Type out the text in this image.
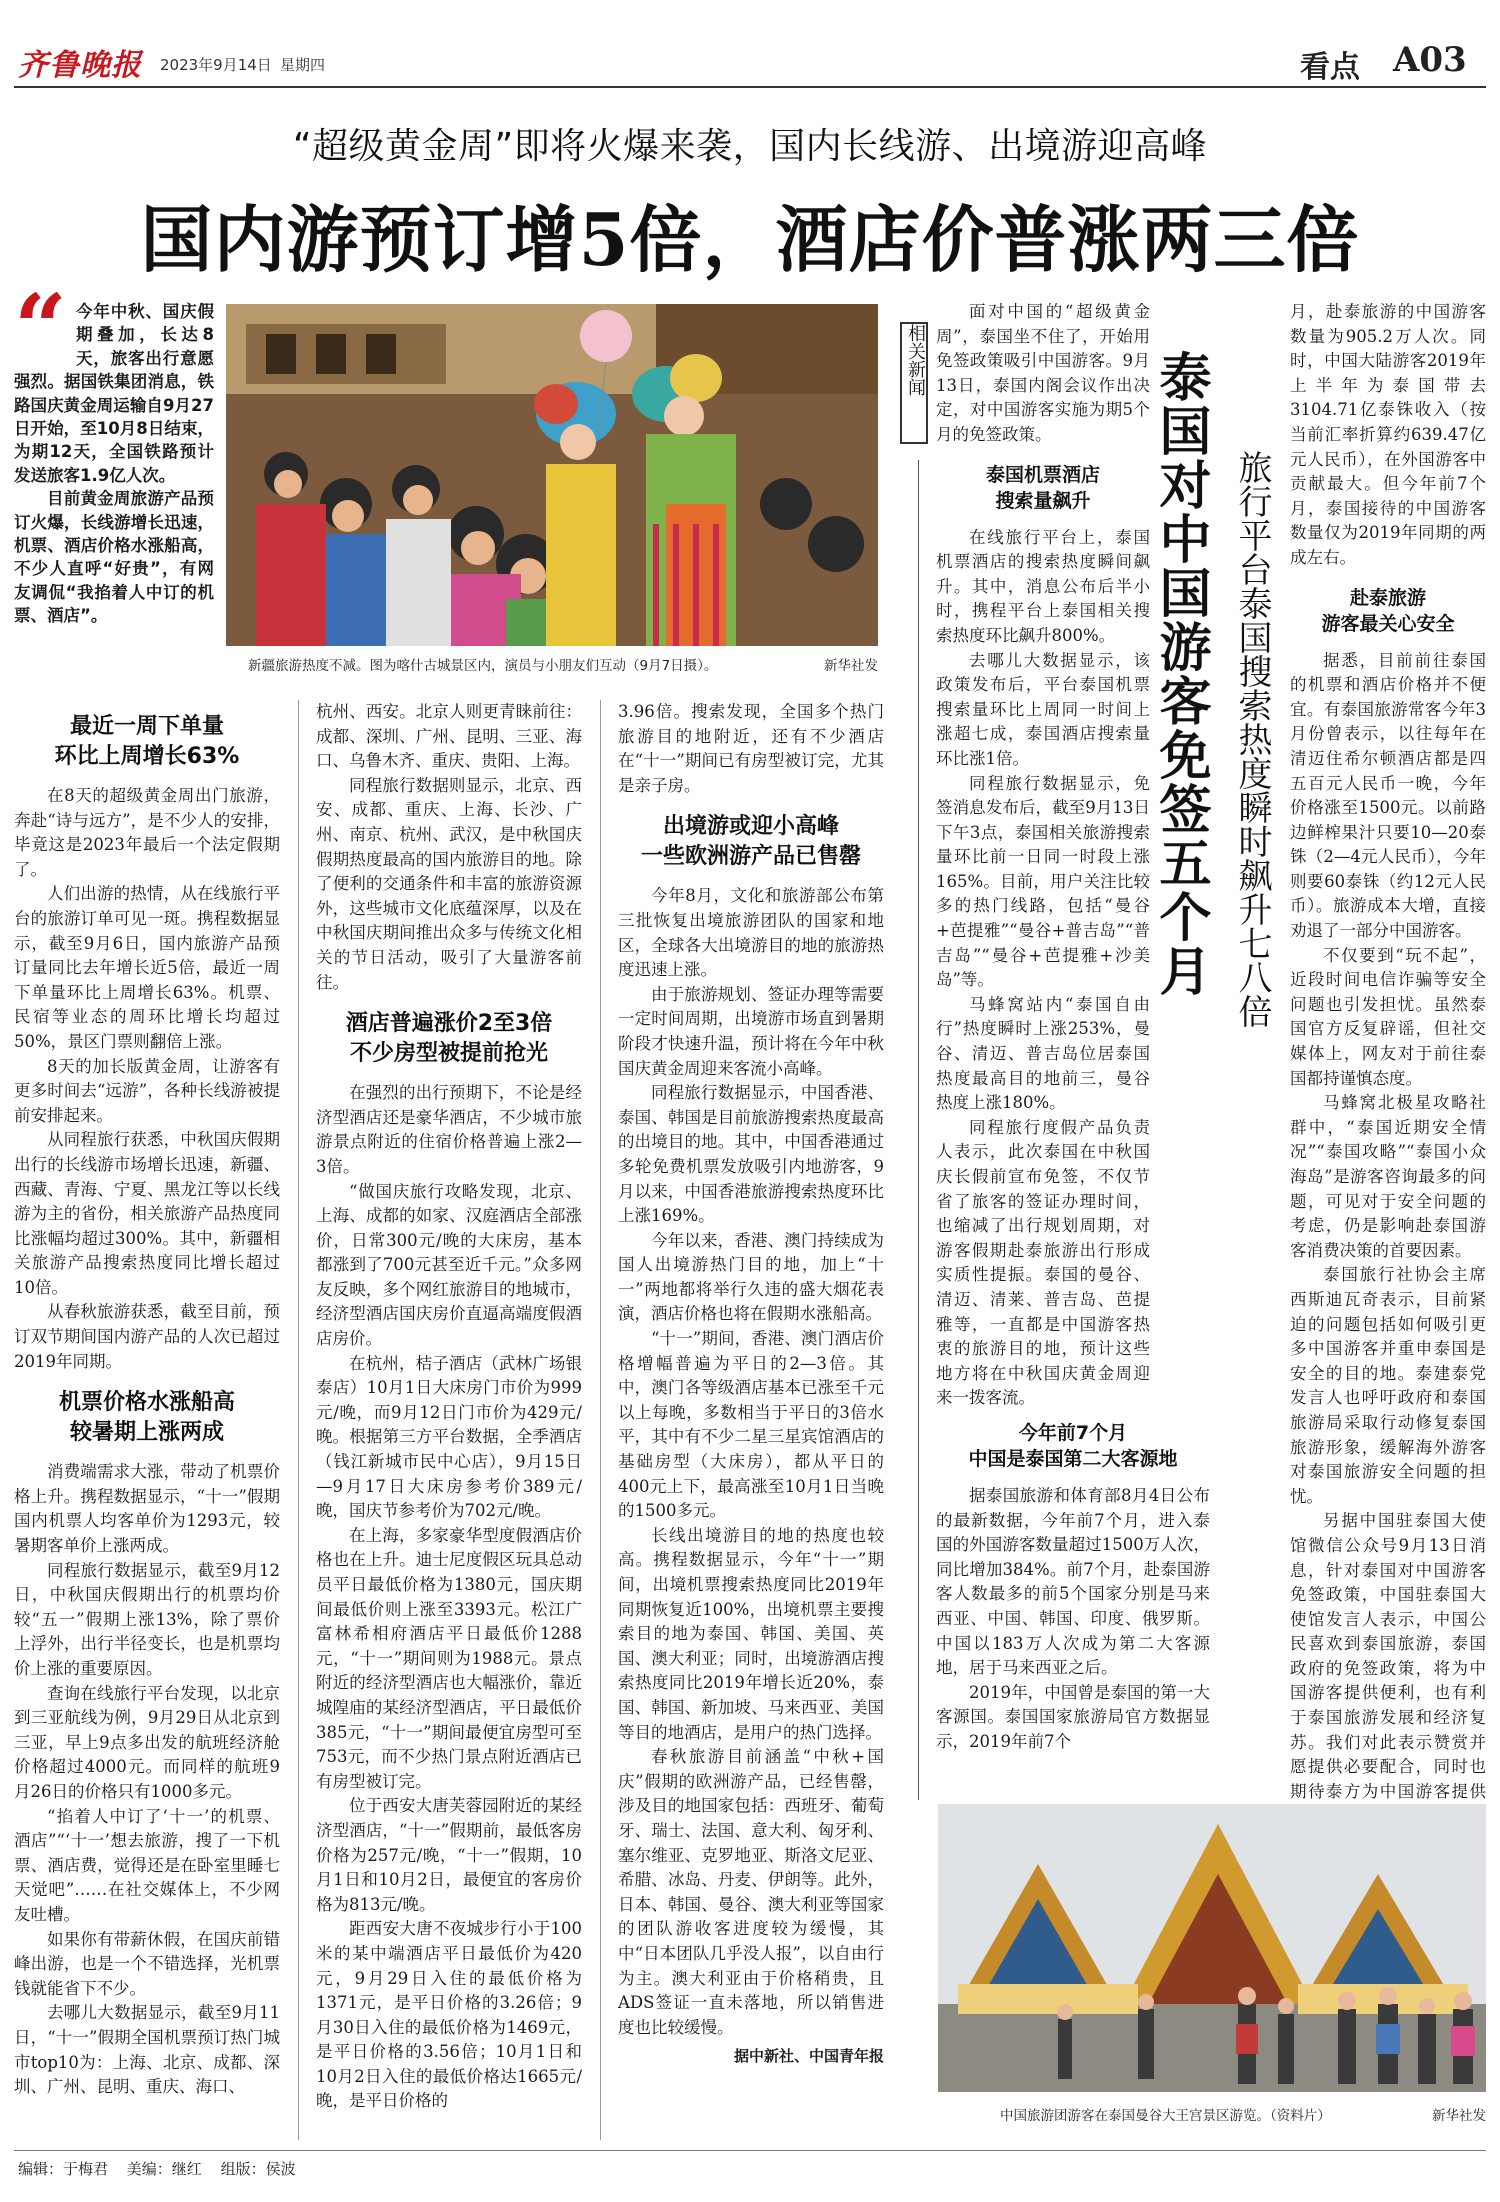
齐鲁晚报 2023年9月14日 星期四	看点 A03
“超级黄金周”即将火爆来袭，国内长线游、出境游迎高峰
国内游预订增5倍，酒店价普涨两三倍
“ 今年中秋、国庆假期叠加，长达8天，旅客出行意愿强烈。据国铁集团消息，铁路国庆黄金周运输自9月27日开始，至10月8日结束，为期12天，全国铁路预计发送旅客1.9亿人次。
目前黄金周旅游产品预订火爆，长线游增长迅速，机票、酒店价格水涨船高，不少人直呼“好贵”，有网友调侃“我掐着人中订的机票、酒店”。
新疆旅游热度不减。图为喀什古城景区内，演员与小朋友们互动（9月7日摄）。	新华社发
最近一周下单量
环比上周增长63%

在8天的超级黄金周出门旅游，奔赴“诗与远方”，是不少人的安排，毕竟这是2023年最后一个法定假期了。

人们出游的热情，从在线旅行平台的旅游订单可见一斑。携程数据显示，截至9月6日，国内旅游产品预订量同比去年增长近5倍，最近一周下单量环比上周增长63%。机票、民宿等业态的周环比增长均超过50%，景区门票则翻倍上涨。

8天的加长版黄金周，让游客有更多时间去“远游”，各种长线游被提前安排起来。

从同程旅行获悉，中秋国庆假期出行的长线游市场增长迅速，新疆、西藏、青海、宁夏、黑龙江等以长线游为主的省份，相关旅游产品热度同比涨幅均超过300%。其中，新疆相关旅游产品搜索热度同比增长超过10倍。

从春秋旅游获悉，截至目前，预订双节期间国内游产品的人次已超过2019年同期。

机票价格水涨船高
较暑期上涨两成

消费端需求大涨，带动了机票价格上升。携程数据显示，“十一”假期国内机票人均客单价为1293元，较暑期客单价上涨两成。

同程旅行数据显示，截至9月12日，中秋国庆假期出行的机票均价较“五一”假期上涨13%，除了票价上浮外，出行半径变长，也是机票均价上涨的重要原因。

查询在线旅行平台发现，以北京到三亚航线为例，9月29日从北京到三亚，早上9点多出发的航班经济舱价格超过4000元。而同样的航班9月26日的价格只有1000多元。

“掐着人中订了‘十一’的机票、酒店”“‘十一’想去旅游，搜了一下机票、酒店费，觉得还是在卧室里睡七天觉吧”……在社交媒体上，不少网友吐槽。

如果你有带薪休假，在国庆前错峰出游，也是一个不错选择，光机票钱就能省下不少。

去哪儿大数据显示，截至9月11日，“十一”假期全国机票预订热门城市top10为：上海、北京、成都、深圳、广州、昆明、重庆、海口、

杭州、西安。北京人则更青睐前往：成都、深圳、广州、昆明、三亚、海口、乌鲁木齐、重庆、贵阳、上海。

同程旅行数据则显示，北京、西安、成都、重庆、上海、长沙、广州、南京、杭州、武汉，是中秋国庆假期热度最高的国内旅游目的地。除了便利的交通条件和丰富的旅游资源外，这些城市文化底蕴深厚，以及在中秋国庆期间推出众多与传统文化相关的节日活动，吸引了大量游客前往。

酒店普遍涨价2至3倍
不少房型被提前抢光

在强烈的出行预期下，不论是经济型酒店还是豪华酒店，不少城市旅游景点附近的住宿价格普遍上涨2—3倍。

“做国庆旅行攻略发现，北京、上海、成都的如家、汉庭酒店全部涨价，日常300元/晚的大床房，基本都涨到了700元甚至近千元。”众多网友反映，多个网红旅游目的地城市，经济型酒店国庆房价直逼高端度假酒店房价。

在杭州，桔子酒店（武林广场银泰店）10月1日大床房门市价为999元/晚，而9月12日门市价为429元/晚。根据第三方平台数据，全季酒店（钱江新城市民中心店），9月15日—9月17日大床房参考价389元/晚，国庆节参考价为702元/晚。

在上海，多家豪华型度假酒店价格也在上升。迪士尼度假区玩具总动员平日最低价格为1380元，国庆期间最低价则上涨至3393元。松江广富林希相府酒店平日最低价1288元，“十一”期间则为1988元。景点附近的经济型酒店也大幅涨价，靠近城隍庙的某经济型酒店，平日最低价385元，“十一”期间最便宜房型可至753元，而不少热门景点附近酒店已有房型被订完。

位于西安大唐芙蓉园附近的某经济型酒店，“十一”假期前，最低客房价格为257元/晚，“十一”假期，10月1日和10月2日，最便宜的客房价格为813元/晚。

距西安大唐不夜城步行小于100米的某中端酒店平日最低价为420元，9月29日入住的最低价格为1371元，是平日价格的3.26倍；9月30日入住的最低价格为1469元，是平日价格的3.56倍；10月1日和10月2日入住的最低价格达1665元/晚，是平日价格的

3.96倍。搜索发现，全国多个热门旅游目的地附近，还有不少酒店在“十一”期间已有房型被订完，尤其是亲子房。

出境游或迎小高峰
一些欧洲游产品已售罄

今年8月，文化和旅游部公布第三批恢复出境旅游团队的国家和地区，全球各大出境游目的地的旅游热度迅速上涨。

由于旅游规划、签证办理等需要一定时间周期，出境游市场直到暑期阶段才快速升温，预计将在今年中秋国庆黄金周迎来客流小高峰。

同程旅行数据显示，中国香港、泰国、韩国是目前旅游搜索热度最高的出境目的地。其中，中国香港通过多轮免费机票发放吸引内地游客，9月以来，中国香港旅游搜索热度环比上涨169%。

今年以来，香港、澳门持续成为国人出境游热门目的地，加上“十一”两地都将举行久违的盛大烟花表演，酒店价格也将在假期水涨船高。

“十一”期间，香港、澳门酒店价格增幅普遍为平日的2—3倍。其中，澳门各等级酒店基本已涨至千元以上每晚，多数相当于平日的3倍水平，其中有不少二星三星宾馆酒店的基础房型（大床房），都从平日的400元上下，最高涨至10月1日当晚的1500多元。

长线出境游目的地的热度也较高。携程数据显示，今年“十一”期间，出境机票搜索热度同比2019年同期恢复近100%，出境机票主要搜索目的地为泰国、韩国、美国、英国、澳大利亚；同时，出境游酒店搜索热度同比2019年增长近20%，泰国、韩国、新加坡、马来西亚、美国等目的地酒店，是用户的热门选择。

春秋旅游目前涵盖“中秋+国庆”假期的欧洲游产品，已经售罄，涉及目的地国家包括：西班牙、葡萄牙、瑞士、法国、意大利、匈牙利、塞尔维亚、克罗地亚、斯洛文尼亚、希腊、冰岛、丹麦、伊朗等。此外，日本、韩国、曼谷、澳大利亚等国家的团队游收客进度较为缓慢，其中“日本团队几乎没人报”，以自由行为主。澳大利亚由于价格稍贵，且ADS签证一直未落地，所以销售进度也比较缓慢。

据中新社、中国青年报
相关新闻	泰国对中国游客免签五个月 旅行平台泰国搜索热度瞬时飙升七八倍

面对中国的“超级黄金周”，泰国坐不住了，开始用免签政策吸引中国游客。9月13日，泰国内阁会议作出决定，对中国游客实施为期5个月的免签政策。

泰国机票酒店
搜索量飙升

在线旅行平台上，泰国机票酒店的搜索热度瞬间飙升。其中，消息公布后半小时，携程平台上泰国相关搜索热度环比飙升800%。

去哪儿大数据显示，该政策发布后，平台泰国机票搜索量环比上周同一时间上涨超七成，泰国酒店搜索量环比涨1倍。

同程旅行数据显示，免签消息发布后，截至9月13日下午3点，泰国相关旅游搜索量环比前一日同一时段上涨165%。目前，用户关注比较多的热门线路，包括“曼谷+芭提雅”“曼谷+普吉岛”“普吉岛”“曼谷+芭提雅+沙美岛”等。

马蜂窝站内“泰国自由行”热度瞬时上涨253%，曼谷、清迈、普吉岛位居泰国热度最高目的地前三，曼谷热度上涨180%。

同程旅行度假产品负责人表示，此次泰国在中秋国庆长假前宣布免签，不仅节省了旅客的签证办理时间，也缩减了出行规划周期，对游客假期赴泰旅游出行形成实质性提振。泰国的曼谷、清迈、清莱、普吉岛、芭提雅等，一直都是中国游客热衷的旅游目的地，预计这些地方将在中秋国庆黄金周迎来一拨客流。

今年前7个月
中国是泰国第二大客源地

据泰国旅游和体育部8月4日公布的最新数据，今年前7个月，进入泰国的外国游客数量超过1500万人次，同比增加384%。前7个月，赴泰国游客人数最多的前5个国家分别是马来西亚、中国、韩国、印度、俄罗斯。中国以183万人次成为第二大客源地，居于马来西亚之后。

2019年，中国曾是泰国的第一大客源国。泰国国家旅游局官方数据显示，2019年前7个

月，赴泰旅游的中国游客数量为905.2万人次。同时，中国大陆游客2019年上半年为泰国带去3104.71亿泰铢收入（按当前汇率折算约639.47亿元人民币），在外国游客中贡献最大。但今年前7个月，泰国接待的中国游客数量仅为2019年同期的两成左右。

赴泰旅游
游客最关心安全

据悉，目前前往泰国的机票和酒店价格并不便宜。有泰国旅游常客今年3月份曾表示，以往每年在清迈住希尔顿酒店都是四五百元人民币一晚，今年价格涨至1500元。以前路边鲜榨果汁只要10—20泰铢（2—4元人民币），今年则要60泰铢（约12元人民币）。旅游成本大增，直接劝退了一部分中国游客。

不仅要到“玩不起”，近段时间电信诈骗等安全问题也引发担忧。虽然泰国官方反复辟谣，但社交媒体上，网友对于前往泰国都持谨慎态度。

马蜂窝北极星攻略社群中，“泰国近期安全情况”“泰国攻略”“泰国小众海岛”是游客咨询最多的问题，可见对于安全问题的考虑，仍是影响赴泰国游客消费决策的首要因素。

泰国旅行社协会主席西斯迪瓦奇表示，目前紧迫的问题包括如何吸引更多中国游客并重申泰国是安全的目的地。泰建泰党发言人也呼吁政府和泰国旅游局采取行动修复泰国旅游形象，缓解海外游客对泰国旅游安全问题的担忧。

另据中国驻泰国大使馆微信公众号9月13日消息，针对泰国对中国游客免签政策，中国驻泰国大使馆发言人表示，中国公民喜欢到泰国旅游，泰国政府的免签政策，将为中国游客提供便利，也有利于泰国旅游发展和经济复苏。我们对此表示赞赏并愿提供必要配合，同时也期待泰方为中国游客提供

中国旅游团游客在泰国曼谷大王宫景区游览。（资料片）	新华社发
编辑：于梅君 美编：继红 组版：侯波
